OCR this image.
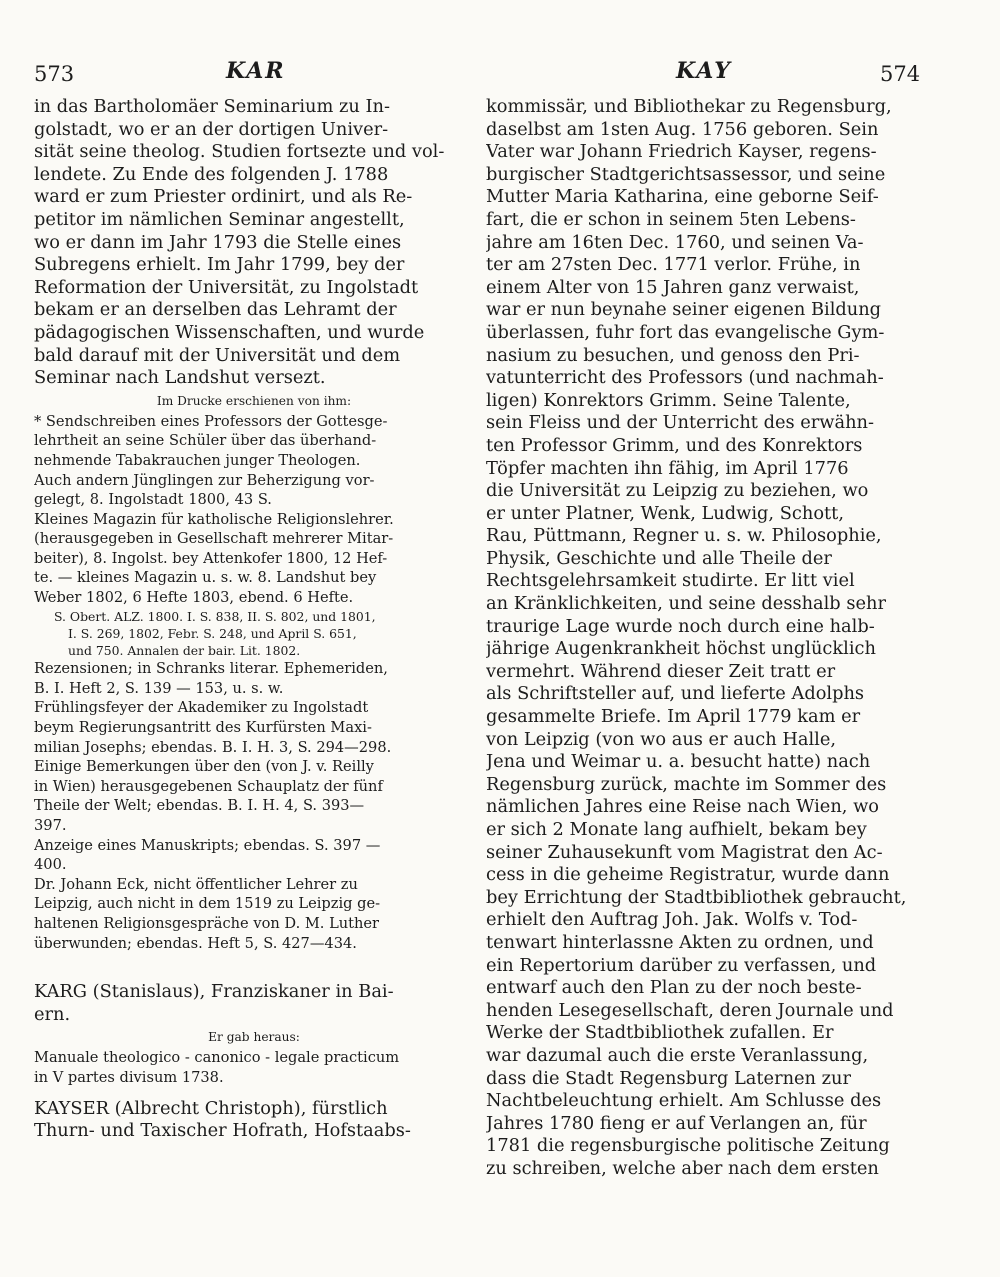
573	KAR	KAY	574
in das Bartholomäer Seminarium zu In-
golstadt, wo er an der dortigen Univer-
sität seine theolog. Studien fortsezte und vol-
lendete. Zu Ende des folgenden J. 1788
ward er zum Priester ordinirt, und als Re-
petitor im nämlichen Seminar angestellt,
wo er dann im Jahr 1793 die Stelle eines
Subregens erhielt. Im Jahr 1799, bey der
Reformation der Universität, zu Ingolstadt
bekam er an derselben das Lehramt der
pädagogischen Wissenschaften, und wurde
bald darauf mit der Universität und dem
Seminar nach Landshut versezt.
Im Drucke erschienen von ihm:
* Sendschreiben eines Professors der Gottesge-
lehrtheit an seine Schüler über das überhand-
nehmende Tabakrauchen junger Theologen.
Auch andern Jünglingen zur Beherzigung vor-
gelegt, 8. Ingolstadt 1800, 43 S.
Kleines Magazin für katholische Religionslehrer.
(herausgegeben in Gesellschaft mehrerer Mitar-
beiter), 8. Ingolst. bey Attenkofer 1800, 12 Hef-
te. — kleines Magazin u. s. w. 8. Landshut bey
Weber 1802, 6 Hefte 1803, ebend. 6 Hefte.
S. Obert. ALZ. 1800. I. S. 838, II. S. 802, und 1801,
I. S. 269, 1802, Febr. S. 248, und April S. 651,
und 750. Annalen der bair. Lit. 1802.
Rezensionen; in Schranks literar. Ephemeriden,
B. I. Heft 2, S. 139 — 153, u. s. w.
Frühlingsfeyer der Akademiker zu Ingolstadt
beym Regierungsantritt des Kurfürsten Maxi-
milian Josephs; ebendas. B. I. H. 3, S. 294—298.
Einige Bemerkungen über den (von J. v. Reilly
in Wien) herausgegebenen Schauplatz der fünf
Theile der Welt; ebendas. B. I. H. 4, S. 393—
397.
Anzeige eines Manuskripts; ebendas. S. 397 —
400.
Dr. Johann Eck, nicht öffentlicher Lehrer zu
Leipzig, auch nicht in dem 1519 zu Leipzig ge-
haltenen Religionsgespräche von D. M. Luther
überwunden; ebendas. Heft 5, S. 427—434.
KARG (Stanislaus), Franziskaner in Bai-
ern.
Er gab heraus:
Manuale theologico - canonico - legale practicum
in V partes divisum 1738.
KAYSER (Albrecht Christoph), fürstlich
Thurn- und Taxischer Hofrath, Hofstaabs-
kommissär, und Bibliothekar zu Regensburg,
daselbst am 1sten Aug. 1756 geboren. Sein
Vater war Johann Friedrich Kayser, regens-
burgischer Stadtgerichtsassessor, und seine
Mutter Maria Katharina, eine geborne Seif-
fart, die er schon in seinem 5ten Lebens-
jahre am 16ten Dec. 1760, und seinen Va-
ter am 27sten Dec. 1771 verlor. Frühe, in
einem Alter von 15 Jahren ganz verwaist,
war er nun beynahe seiner eigenen Bildung
überlassen, fuhr fort das evangelische Gym-
nasium zu besuchen, und genoss den Pri-
vatunterricht des Professors (und nachmah-
ligen) Konrektors Grimm. Seine Talente,
sein Fleiss und der Unterricht des erwähn-
ten Professor Grimm, und des Konrektors
Töpfer machten ihn fähig, im April 1776
die Universität zu Leipzig zu beziehen, wo
er unter Platner, Wenk, Ludwig, Schott,
Rau, Püttmann, Regner u. s. w. Philosophie,
Physik, Geschichte und alle Theile der
Rechtsgelehrsamkeit studirte. Er litt viel
an Kränklichkeiten, und seine desshalb sehr
traurige Lage wurde noch durch eine halb-
jährige Augenkrankheit höchst unglücklich
vermehrt. Während dieser Zeit tratt er
als Schriftsteller auf, und lieferte Adolphs
gesammelte Briefe. Im April 1779 kam er
von Leipzig (von wo aus er auch Halle,
Jena und Weimar u. a. besucht hatte) nach
Regensburg zurück, machte im Sommer des
nämlichen Jahres eine Reise nach Wien, wo
er sich 2 Monate lang aufhielt, bekam bey
seiner Zuhausekunft vom Magistrat den Ac-
cess in die geheime Registratur, wurde dann
bey Errichtung der Stadtbibliothek gebraucht,
erhielt den Auftrag Joh. Jak. Wolfs v. Tod-
tenwart hinterlassne Akten zu ordnen, und
ein Repertorium darüber zu verfassen, und
entwarf auch den Plan zu der noch beste-
henden Lesegesellschaft, deren Journale und
Werke der Stadtbibliothek zufallen. Er
war dazumal auch die erste Veranlassung,
dass die Stadt Regensburg Laternen zur
Nachtbeleuchtung erhielt. Am Schlusse des
Jahres 1780 fieng er auf Verlangen an, für
1781 die regensburgische politische Zeitung
zu schreiben, welche aber nach dem ersten
